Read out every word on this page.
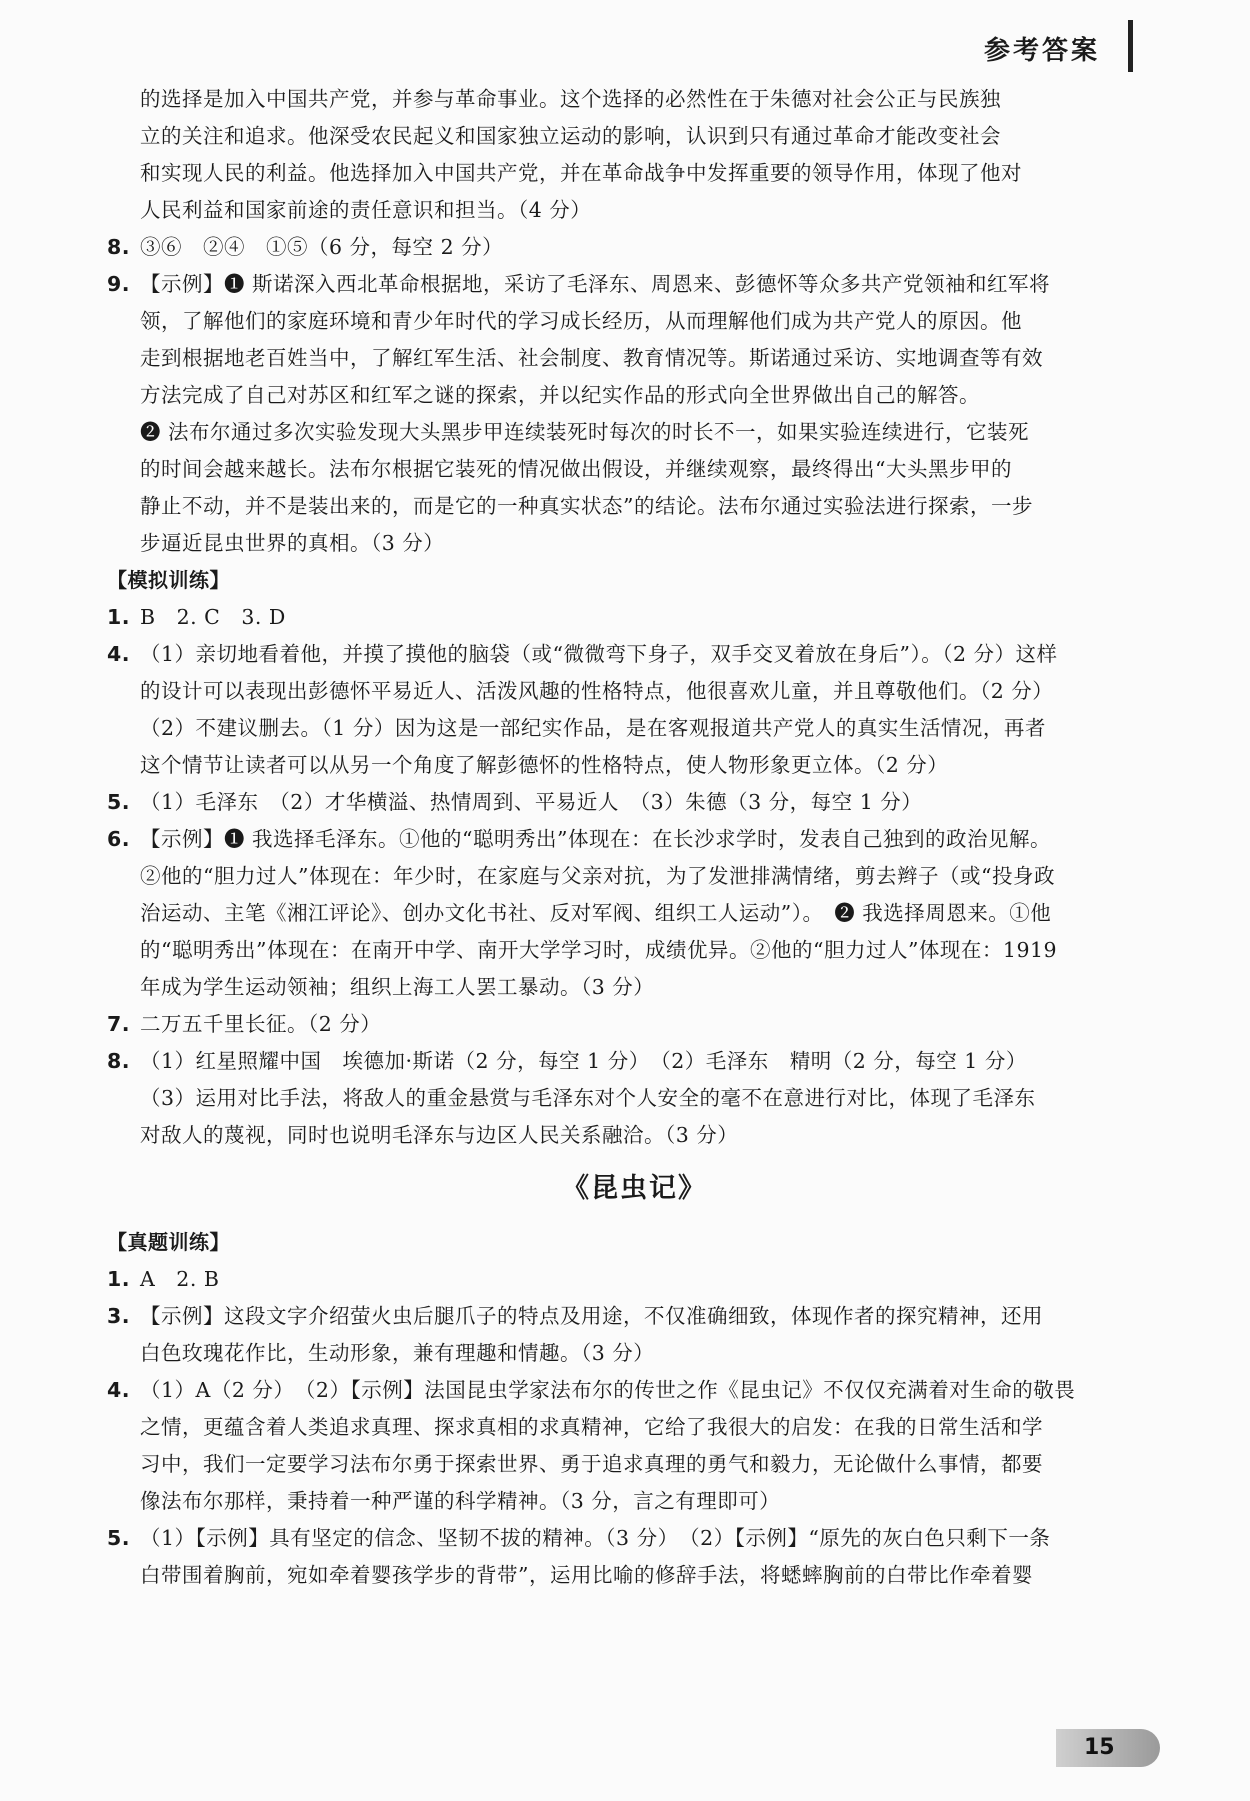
参考答案
的选择是加入中国共产党，并参与革命事业。这个选择的必然性在于朱德对社会公正与民族独
立的关注和追求。他深受农民起义和国家独立运动的影响，认识到只有通过革命才能改变社会
和实现人民的利益。他选择加入中国共产党，并在革命战争中发挥重要的领导作用，体现了他对
人民利益和国家前途的责任意识和担当。（4 分）
8. ③⑥　②④　①⑤（6 分，每空 2 分）
9. 【示例】❶ 斯诺深入西北革命根据地，采访了毛泽东、周恩来、彭德怀等众多共产党领袖和红军将
领，了解他们的家庭环境和青少年时代的学习成长经历，从而理解他们成为共产党人的原因。他
走到根据地老百姓当中，了解红军生活、社会制度、教育情况等。斯诺通过采访、实地调查等有效
方法完成了自己对苏区和红军之谜的探索，并以纪实作品的形式向全世界做出自己的解答。
❷ 法布尔通过多次实验发现大头黑步甲连续装死时每次的时长不一，如果实验连续进行，它装死
的时间会越来越长。法布尔根据它装死的情况做出假设，并继续观察，最终得出“大头黑步甲的
静止不动，并不是装出来的，而是它的一种真实状态”的结论。法布尔通过实验法进行探索，一步
步逼近昆虫世界的真相。（3 分）
【模拟训练】
1. B　2. C　3. D
4. （1）亲切地看着他，并摸了摸他的脑袋（或“微微弯下身子，双手交叉着放在身后”）。（2 分）这样
的设计可以表现出彭德怀平易近人、活泼风趣的性格特点，他很喜欢儿童，并且尊敬他们。（2 分）
（2）不建议删去。（1 分）因为这是一部纪实作品，是在客观报道共产党人的真实生活情况，再者
这个情节让读者可以从另一个角度了解彭德怀的性格特点，使人物形象更立体。（2 分）
5. （1）毛泽东　（2）才华横溢、热情周到、平易近人　（3）朱德（3 分，每空 1 分）
6. 【示例】❶ 我选择毛泽东。①他的“聪明秀出”体现在：在长沙求学时，发表自己独到的政治见解。
②他的“胆力过人”体现在：年少时，在家庭与父亲对抗，为了发泄排满情绪，剪去辫子（或“投身政
治运动、主笔《湘江评论》、创办文化书社、反对军阀、组织工人运动”）。　❷ 我选择周恩来。①他
的“聪明秀出”体现在：在南开中学、南开大学学习时，成绩优异。②他的“胆力过人”体现在：1919
年成为学生运动领袖；组织上海工人罢工暴动。（3 分）
7. 二万五千里长征。（2 分）
8. （1）红星照耀中国　埃德加·斯诺（2 分，每空 1 分）　（2）毛泽东　精明（2 分，每空 1 分）
（3）运用对比手法，将敌人的重金悬赏与毛泽东对个人安全的毫不在意进行对比，体现了毛泽东
对敌人的蔑视，同时也说明毛泽东与边区人民关系融洽。（3 分）
《昆虫记》
【真题训练】
1. A　2. B
3. 【示例】这段文字介绍萤火虫后腿爪子的特点及用途，不仅准确细致，体现作者的探究精神，还用
白色玫瑰花作比，生动形象，兼有理趣和情趣。（3 分）
4. （1）A（2 分）　（2）【示例】法国昆虫学家法布尔的传世之作《昆虫记》不仅仅充满着对生命的敬畏
之情，更蕴含着人类追求真理、探求真相的求真精神，它给了我很大的启发：在我的日常生活和学
习中，我们一定要学习法布尔勇于探索世界、勇于追求真理的勇气和毅力，无论做什么事情，都要
像法布尔那样，秉持着一种严谨的科学精神。（3 分，言之有理即可）
5. （1）【示例】具有坚定的信念、坚韧不拔的精神。（3 分）　（2）【示例】“原先的灰白色只剩下一条
白带围着胸前，宛如牵着婴孩学步的背带”，运用比喻的修辞手法，将蟋蟀胸前的白带比作牵着婴
15
